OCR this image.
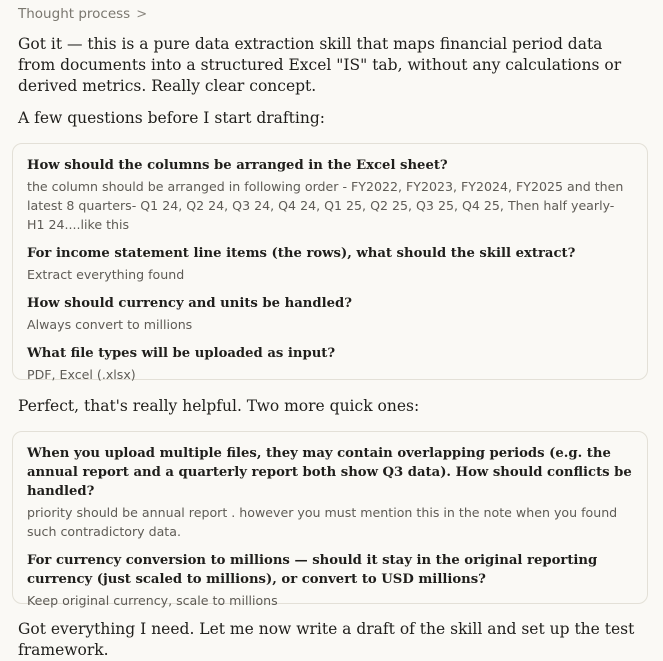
Thought process >
Got it — this is a pure data extraction skill that maps financial period data from documents into a structured Excel "IS" tab, without any calculations or derived metrics. Really clear concept.
A few questions before I start drafting:
How should the columns be arranged in the Excel sheet?
the column should be arranged in following order - FY2022, FY2023, FY2024, FY2025 and then latest 8 quarters- Q1 24, Q2 24, Q3 24, Q4 24, Q1 25, Q2 25, Q3 25, Q4 25, Then half yearly- H1 24....like this
For income statement line items (the rows), what should the skill extract?
Extract everything found
How should currency and units be handled?
Always convert to millions
What file types will be uploaded as input?
PDF, Excel (.xlsx)
Perfect, that's really helpful. Two more quick ones:
When you upload multiple files, they may contain overlapping periods (e.g. the annual report and a quarterly report both show Q3 data). How should conflicts be handled?
priority should be annual report . however you must mention this in the note when you found such contradictory data.
For currency conversion to millions — should it stay in the original reporting currency (just scaled to millions), or convert to USD millions?
Keep original currency, scale to millions
Got everything I need. Let me now write a draft of the skill and set up the test framework.
